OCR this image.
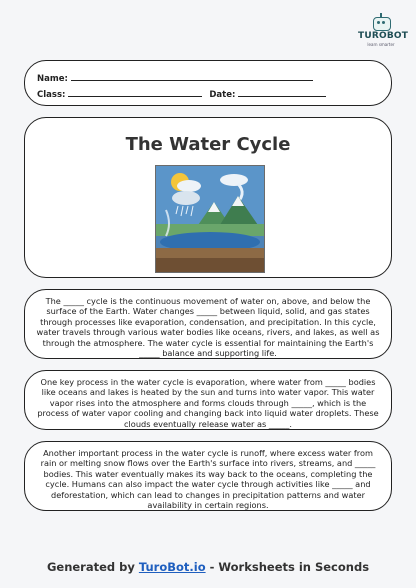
TUROBOT
learn smarter
Name:
Class:	Date:
The Water Cycle

The _____ cycle is the continuous movement of water on, above, and below the surface of the Earth. Water changes _____ between liquid, solid, and gas states through processes like evaporation, condensation, and precipitation. In this cycle, water travels through various water bodies like oceans, rivers, and lakes, as well as through the atmosphere. The water cycle is essential for maintaining the Earth's _____ balance and supporting life.

One key process in the water cycle is evaporation, where water from _____ bodies like oceans and lakes is heated by the sun and turns into water vapor. This water vapor rises into the atmosphere and forms clouds through _____, which is the process of water vapor cooling and changing back into liquid water droplets. These clouds eventually release water as _____.

Another important process in the water cycle is runoff, where excess water from rain or melting snow flows over the Earth's surface into rivers, streams, and _____ bodies. This water eventually makes its way back to the oceans, completing the cycle. Humans can also impact the water cycle through activities like _____ and deforestation, which can lead to changes in precipitation patterns and water availability in certain regions.

Generated by TuroBot.io - Worksheets in Seconds
